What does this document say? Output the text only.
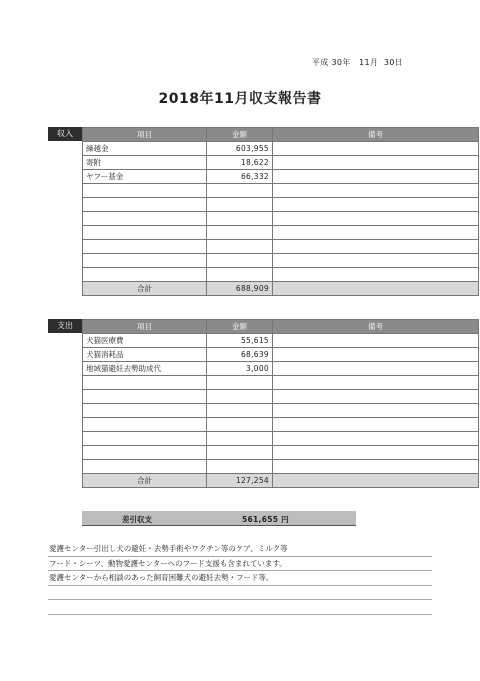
平成 30年   11月  30日
2018年11月収支報告書
収入	項目	金額	備考
繰越金	603,955	
寄附	18,622	
ヤフー基金	66,332	

合計	688,909	
支出	項目	金額	備考
犬猫医療費	55,615	
犬猫消耗品	68,639	
地域猫避妊去勢助成代	3,000	

合計	127,254	
差引収支	561,655 円
愛護センター引出し犬の避妊・去勢手術やワクチン等のケア、ミルク等
フード・シーツ、動物愛護センターへのフード支援も含まれています。
愛護センターから相談のあった飼育困難犬の避妊去勢・フード等。
